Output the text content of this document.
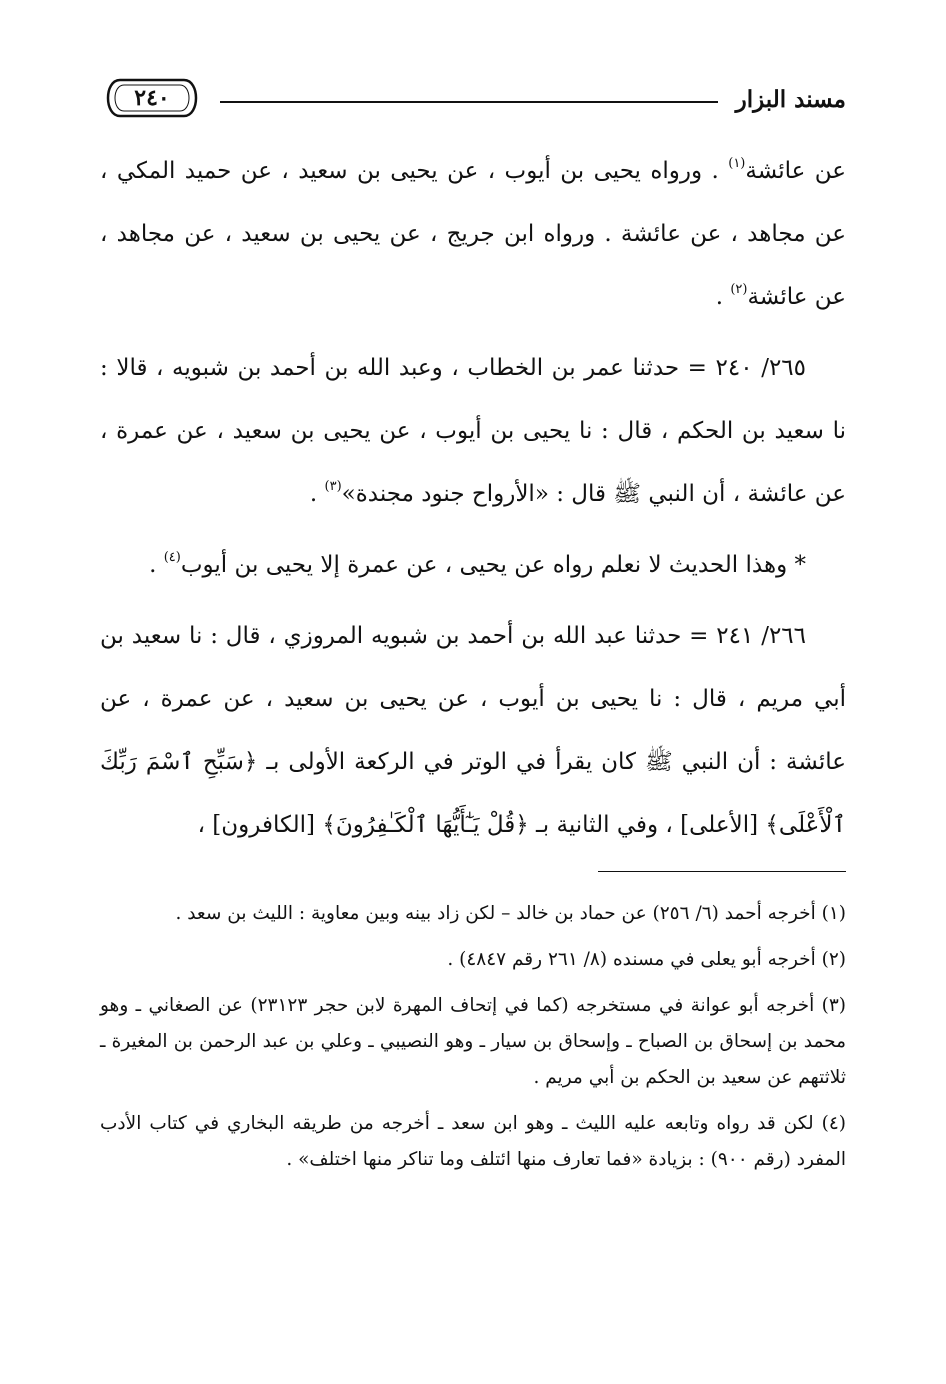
مسند البزار
٢٤٠

عن عائشة$^{(١)}$ . ورواه يحيى بن أيوب ، عن يحيى بن سعيد ، عن حميد المكي ، عن مجاهد ، عن عائشة . ورواه ابن جريج ، عن يحيى بن سعيد ، عن مجاهد ، عن عائشة$^{(٢)}$ .

٢٦٥/ ٢٤٠ = حدثنا عمر بن الخطاب ، وعبد الله بن أحمد بن شبويه ، قالا : نا سعيد بن الحكم ، قال : نا يحيى بن أيوب ، عن يحيى بن سعيد ، عن عمرة ، عن عائشة ، أن النبي ﷺ قال : «الأرواح جنود مجندة»$^{(٣)}$ .

* وهذا الحديث لا نعلم رواه عن يحيى ، عن عمرة إلا يحيى بن أيوب$^{(٤)}$ .

٢٦٦/ ٢٤١ = حدثنا عبد الله بن أحمد بن شبويه المروزي ، قال : نا سعيد بن أبي مريم ، قال : نا يحيى بن أيوب ، عن يحيى بن سعيد ، عن عمرة ، عن عائشة : أن النبي ﷺ كان يقرأ في الوتر في الركعة الأولى بـ ﴿سَبِّحِ ٱسْمَ رَبِّكَ ٱلْأَعْلَى﴾ [الأعلى] ، وفي الثانية بـ ﴿قُلْ يَـٰٓأَيُّهَا ٱلْكَـٰفِرُونَ﴾ [الكافرون] ،

(١) أخرجه أحمد (٦/ ٢٥٦) عن حماد بن خالد – لكن زاد بينه وبين معاوية : الليث بن سعد .

(٢) أخرجه أبو يعلى في مسنده (٨/ ٢٦١ رقم ٤٨٤٧) .

(٣) أخرجه أبو عوانة في مستخرجه (كما في إتحاف المهرة لابن حجر ٢٣١٢٣) عن الصغاني ـ وهو محمد بن إسحاق بن الصباح ـ وإسحاق بن سيار ـ وهو النصيبي ـ وعلي بن عبد الرحمن بن المغيرة ـ ثلاثتهم عن سعيد بن الحكم بن أبي مريم .

(٤) لكن قد رواه وتابعه عليه الليث ـ وهو ابن سعد ـ أخرجه من طريقه البخاري في كتاب الأدب المفرد (رقم ٩٠٠) : بزيادة «فما تعارف منها ائتلف وما تناكر منها اختلف» .
